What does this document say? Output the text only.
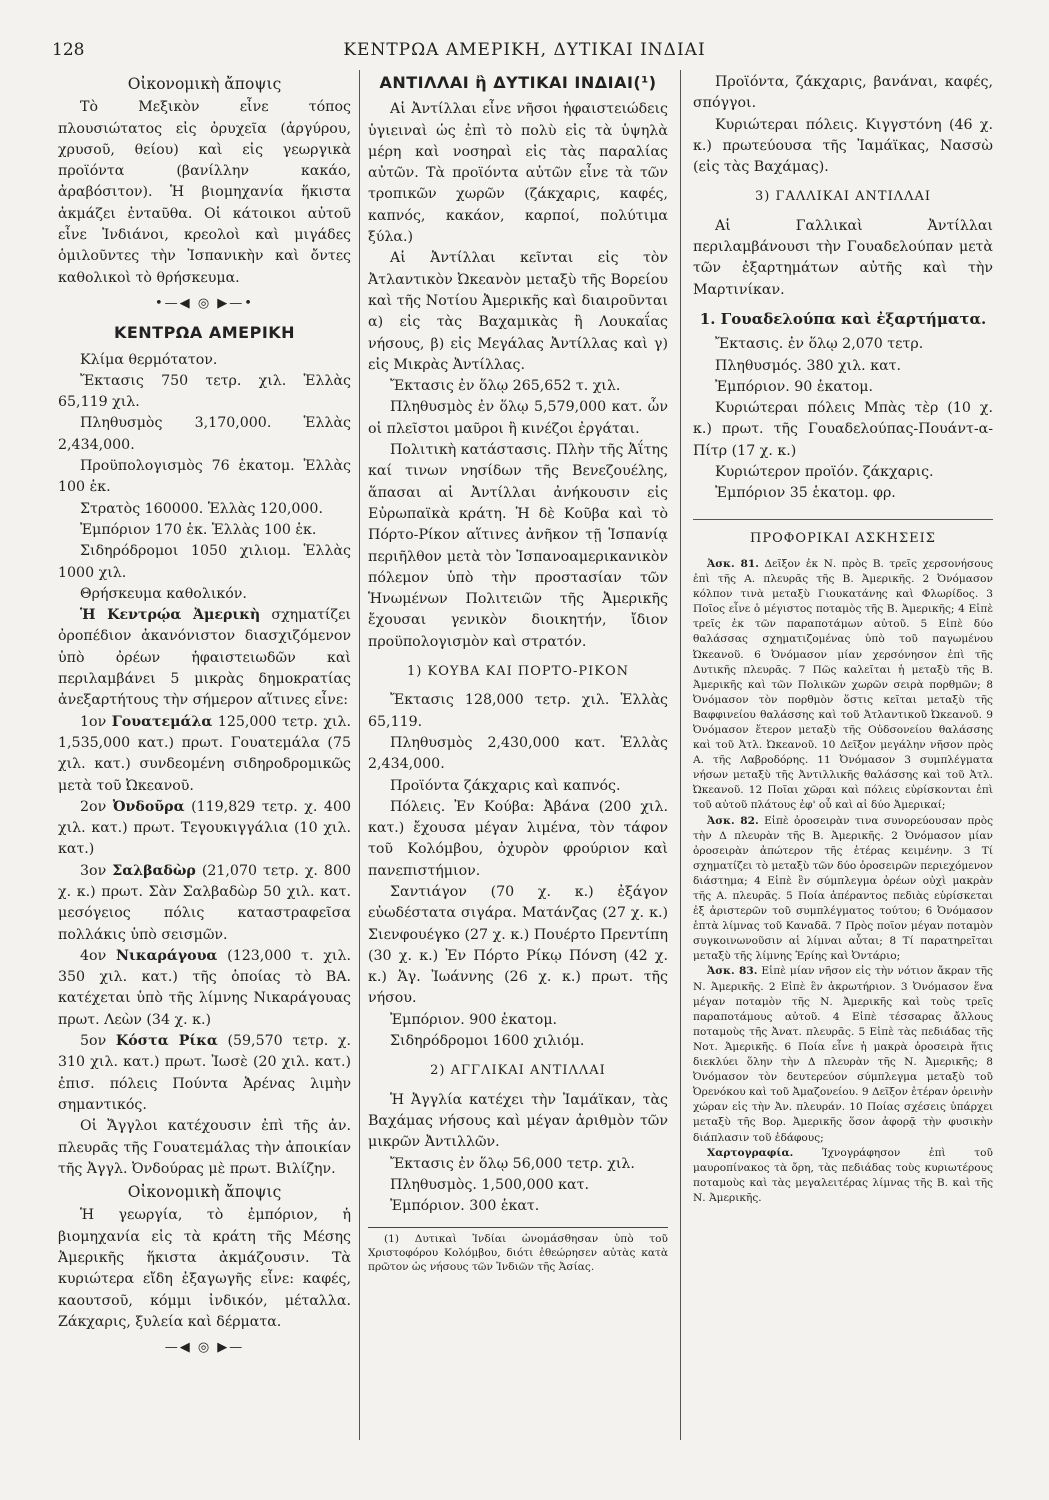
128	ΚΕΝΤΡΩΑ ΑΜΕΡΙΚΗ, ΔΥΤΙΚΑΙ ΙΝΔΙΑΙ

Οἰκονομικὴ ἄποψις

Τὸ Μεξικὸν εἶνε τόπος πλουσιώτατος εἰς ὀρυχεῖα (ἀργύρου, χρυσοῦ, θείου) καὶ εἰς γεωργικὰ προϊόντα (βανίλλην κακάο, ἀραβόσιτον). Ἡ βιομηχανία ἥκιστα ἀκμάζει ἐνταῦθα. Οἱ κάτοικοι αὐτοῦ εἶνε Ἰνδιάνοι, κρεολοὶ καὶ μιγάδες ὁμιλοῦντες τὴν Ἰσπανικὴν καὶ ὄντες καθολικοὶ τὸ θρήσκευμα.

•—◀ ◎ ▶—•

ΚΕΝΤΡΩΑ ΑΜΕΡΙΚΗ

Κλίμα θερμότατον.

Ἔκτασις 750 τετρ. χιλ. Ἑλλὰς 65,119 χιλ.

Πληθυσμὸς 3,170,000. Ἑλλὰς 2,434,000.

Προϋπολογισμὸς 76 ἑκατομ. Ἑλλὰς 100 ἑκ.

Στρατὸς 160000. Ἑλλὰς 120,000.

Ἐμπόριον 170 ἑκ. Ἑλλὰς 100 ἑκ.

Σιδηρόδρομοι 1050 χιλιομ. Ἑλλὰς 1000 χιλ.

Θρήσκευμα καθολικόν.

Ἡ Κεντρῴα Ἀμερικὴ σχηματίζει ὀροπέδιον ἀκανόνιστον διασχιζόμενον ὑπὸ ὀρέων ἡφαιστειωδῶν καὶ περιλαμβάνει 5 μικρὰς δημοκρατίας ἀνεξαρτήτους τὴν σήμερον αἵτινες εἶνε:

1ον Γουατεμάλα 125,000 τετρ. χιλ. 1,535,000 κατ.) πρωτ. Γουατεμάλα (75 χιλ. κατ.) συνδεομένη σιδηροδρομικῶς μετὰ τοῦ Ὠκεανοῦ.

2ον Ὀνδοῦρα (119,829 τετρ. χ. 400 χιλ. κατ.) πρωτ. Τεγουκιγγάλια (10 χιλ. κατ.)

3ον Σαλβαδὼρ (21,070 τετρ. χ. 800 χ. κ.) πρωτ. Σὰν Σαλβαδὼρ 50 χιλ. κατ. μεσόγειος πόλις καταστραφεῖσα πολλάκις ὑπὸ σεισμῶν.

4ον Νικαράγουα (123,000 τ. χιλ. 350 χιλ. κατ.) τῆς ὁποίας τὸ ΒΑ. κατέχεται ὑπὸ τῆς λίμνης Νικαράγουας πρωτ. Λεὼν (34 χ. κ.)

5ον Κόστα Ρίκα (59,570 τετρ. χ. 310 χιλ. κατ.) πρωτ. Ἰωσὲ (20 χιλ. κατ.) ἐπισ. πόλεις Πούντα Ἀρένας λιμὴν σημαντικός.

Οἱ Ἄγγλοι κατέχουσιν ἐπὶ τῆς ἀν. πλευρᾶς τῆς Γουατεμάλας τὴν ἀποικίαν τῆς Ἀγγλ. Ὀνδούρας μὲ πρωτ. Βιλίζην.

Οἰκονομικὴ ἄποψις

Ἡ γεωργία, τὸ ἐμπόριον, ἡ βιομηχανία εἰς τὰ κράτη τῆς Μέσης Ἀμερικῆς ἥκιστα ἀκμάζουσιν. Τὰ κυριώτερα εἴδη ἐξαγωγῆς εἶνε: καφές, καουτσοῦ, κόμμι ἰνδικόν, μέταλλα. Ζάκχαρις, ξυλεία καὶ δέρματα.

—◀ ◎ ▶—

ΑΝΤΙΛΛΑΙ ἢ ΔΥΤΙΚΑΙ ΙΝΔΙΑΙ(¹)

Αἱ Ἀντίλλαι εἶνε νῆσοι ἡφαιστειώδεις ὑγιειναὶ ὡς ἐπὶ τὸ πολὺ εἰς τὰ ὑψηλὰ μέρη καὶ νοσηραὶ εἰς τὰς παραλίας αὐτῶν. Τὰ προϊόντα αὐτῶν εἶνε τὰ τῶν τροπικῶν χωρῶν (ζάκχαρις, καφές, καπνός, κακάον, καρποί, πολύτιμα ξύλα.)

Αἱ Ἀντίλλαι κεῖνται εἰς τὸν Ἀτλαντικὸν Ὠκεανὸν μεταξὺ τῆς Βορείου καὶ τῆς Νοτίου Ἀμερικῆς καὶ διαιροῦνται α) εἰς τὰς Βαχαμικὰς ἢ Λουκαΐας νήσους, β) εἰς Μεγάλας Ἀντίλλας καὶ γ) εἰς Μικρὰς Ἀντίλλας.

Ἔκτασις ἐν ὅλῳ 265,652 τ. χιλ.

Πληθυσμὸς ἐν ὅλῳ 5,579,000 κατ. ὧν οἱ πλεῖστοι μαῦροι ἢ κινέζοι ἐργάται.

Πολιτικὴ κατάστασις. Πλὴν τῆς Ἀΐτης καί τινων νησίδων τῆς Βενεζουέλης, ἅπασαι αἱ Ἀντίλλαι ἀνήκουσιν εἰς Εὐρωπαϊκὰ κράτη. Ἡ δὲ Κοῦβα καὶ τὸ Πόρτο-Ρίκον αἵτινες ἀνῆκον τῇ Ἱσπανίᾳ περιῆλθον μετὰ τὸν Ἱσπανοαμερικανικὸν πόλεμον ὑπὸ τὴν προστασίαν τῶν Ἡνωμένων Πολιτειῶν τῆς Ἀμερικῆς ἔχουσαι γενικὸν διοικητήν, ἴδιον προϋπολογισμὸν καὶ στρατόν.

1) ΚΟΥΒΑ ΚΑΙ ΠΟΡΤΟ-ΡΙΚΟΝ

Ἔκτασις 128,000 τετρ. χιλ. Ἑλλὰς 65,119.

Πληθυσμὸς 2,430,000 κατ. Ἑλλὰς 2,434,000.

Προϊόντα ζάκχαρις καὶ καπνός.

Πόλεις. Ἐν Κούβα: Ἀβάνα (200 χιλ. κατ.) ἔχουσα μέγαν λιμένα, τὸν τάφον τοῦ Κολόμβου, ὀχυρὸν φρούριον καὶ πανεπιστήμιον.

Σαντιάγον (70 χ. κ.) ἐξάγον εὐωδέστατα σιγάρα. Ματάνζας (27 χ. κ.) Σιενφουέγκο (27 χ. κ.) Πουέρτο Πρεντίπη (30 χ. κ.) Ἐν Πόρτο Ρίκῳ Πόνση (42 χ. κ.) Ἁγ. Ἰωάννης (26 χ. κ.) πρωτ. τῆς νήσου.

Ἐμπόριον. 900 ἑκατομ.

Σιδηρόδρομοι 1600 χιλιόμ.

2) ΑΓΓΛΙΚΑΙ ΑΝΤΙΛΛΑΙ

Ἡ Ἀγγλία κατέχει τὴν Ἰαμάϊκαν, τὰς Βαχάμας νήσους καὶ μέγαν ἀριθμὸν τῶν μικρῶν Ἀντιλλῶν.

Ἔκτασις ἐν ὅλῳ 56,000 τετρ. χιλ.

Πληθυσμὸς. 1,500,000 κατ.

Ἐμπόριον. 300 ἑκατ.

(1) Δυτικαὶ Ἰνδίαι ὠνομάσθησαν ὑπὸ τοῦ Χριστοφόρου Κολόμβου, διότι ἐθεώρησεν αὐτὰς κατὰ πρῶτον ὡς νήσους τῶν Ἰνδιῶν τῆς Ἀσίας.

Προϊόντα, ζάκχαρις, βανάναι, καφές, σπόγγοι.

Κυριώτεραι πόλεις. Κιγγστόνη (46 χ. κ.) πρωτεύουσα τῆς Ἰαμάϊκας, Νασσὼ (εἰς τὰς Βαχάμας).

3) ΓΑΛΛΙΚΑΙ ΑΝΤΙΛΛΑΙ

Αἱ Γαλλικαὶ Ἀντίλλαι περιλαμβάνουσι τὴν Γουαδελούπαν μετὰ τῶν ἐξαρτημάτων αὐτῆς καὶ τὴν Μαρτινίκαν.

1. Γουαδελούπα καὶ ἐξαρτήματα.

Ἔκτασις. ἐν ὅλῳ 2,070 τετρ.

Πληθυσμός. 380 χιλ. κατ.

Ἐμπόριον. 90 ἑκατομ.

Κυριώτεραι πόλεις Μπὰς τὲρ (10 χ. κ.) πρωτ. τῆς Γουαδελούπας-Πουάντ-α-Πίτρ (17 χ. κ.)

Κυριώτερον προϊόν. ζάκχαρις.

Ἐμπόριον 35 ἑκατομ. φρ.

ΠΡΟΦΟΡΙΚΑΙ ΑΣΚΗΣΕΙΣ

Ἀσκ. 81. Δεῖξον ἐκ Ν. πρὸς Β. τρεῖς χερσονήσους ἐπὶ τῆς Α. πλευρᾶς τῆς Β. Ἀμερικῆς. 2 Ὀνόμασον κόλπον τινὰ μεταξὺ Γιουκατάνης καὶ Φλωρίδος. 3 Ποῖος εἶνε ὁ μέγιστος ποταμὸς τῆς Β. Ἀμερικῆς; 4 Εἰπὲ τρεῖς ἐκ τῶν παραποτάμων αὐτοῦ. 5 Εἰπὲ δύο θαλάσσας σχηματιζομένας ὑπὸ τοῦ παγωμένου Ὠκεανοῦ. 6 Ὀνόμασον μίαν χερσόνησον ἐπὶ τῆς Δυτικῆς πλευρᾶς. 7 Πῶς καλεῖται ἡ μεταξὺ τῆς Β. Ἀμερικῆς καὶ τῶν Πολικῶν χωρῶν σειρὰ πορθμῶν; 8 Ὀνόμασον τὸν πορθμὸν ὅστις κεῖται μεταξὺ τῆς Βαφφινείου θαλάσσης καὶ τοῦ Ἀτλαντικοῦ Ὠκεανοῦ. 9 Ὀνόμασον ἕτερον μεταξὺ τῆς Οὐδσονείου θαλάσσης καὶ τοῦ Ἀτλ. Ὠκεανοῦ. 10 Δεῖξον μεγάλην νῆσον πρὸς Α. τῆς Λαβροδόρης. 11 Ὀνόμασον 3 συμπλέγματα νήσων μεταξὺ τῆς Ἀντιλλικῆς θαλάσσης καὶ τοῦ Ἀτλ. Ὠκεανοῦ. 12 Ποῖαι χῶραι καὶ πόλεις εὑρίσκονται ἐπὶ τοῦ αὐτοῦ πλάτους ἐφ' οὗ καὶ αἱ δύο Ἀμερικαί;

Ἀσκ. 82. Εἰπὲ ὀροσειρὰν τινα συνορεύουσαν πρὸς τὴν Δ πλευρὰν τῆς Β. Ἀμερικῆς. 2 Ὀνόμασον μίαν ὀροσειρὰν ἀπώτερον τῆς ἑτέρας κειμένην. 3 Τί σχηματίζει τὸ μεταξὺ τῶν δύο ὀροσειρῶν περιεχόμενον διάστημα; 4 Εἰπὲ ἓν σύμπλεγμα ὀρέων οὐχὶ μακρὰν τῆς Α. πλευρᾶς. 5 Ποία ἀπέραντος πεδιὰς εὑρίσκεται ἐξ ἀριστερῶν τοῦ συμπλέγματος τούτου; 6 Ὀνόμασον ἑπτὰ λίμνας τοῦ Καναδᾶ. 7 Πρὸς ποῖον μέγαν ποταμὸν συγκοινωνοῦσιν αἱ λίμναι αὗται; 8 Τί παρατηρεῖται μεταξὺ τῆς λίμνης Ἐρίης καὶ Ὀντάριο;

Ἀσκ. 83. Εἰπὲ μίαν νῆσον εἰς τὴν νότιον ἄκραν τῆς Ν. Ἀμερικῆς. 2 Εἰπὲ ἓν ἀκρωτήριον. 3 Ὀνόμασον ἕνα μέγαν ποταμὸν τῆς Ν. Ἀμερικῆς καὶ τοὺς τρεῖς παραποτάμους αὐτοῦ. 4 Εἰπὲ τέσσαρας ἄλλους ποταμοὺς τῆς Ἀνατ. πλευρᾶς. 5 Εἰπὲ τὰς πεδιάδας τῆς Νοτ. Ἀμερικῆς. 6 Ποία εἶνε ἡ μακρὰ ὀροσειρὰ ἥτις διεκλύει ὅλην τὴν Δ πλευρὰν τῆς Ν. Ἀμερικῆς; 8 Ὀνόμασον τὸν δευτερεύον σύμπλεγμα μεταξὺ τοῦ Ὀρενόκου καὶ τοῦ Ἀμαζονείου. 9 Δεῖξον ἑτέραν ὀρεινὴν χώραν εἰς τὴν Ἀν. πλευράν. 10 Ποίας σχέσεις ὑπάρχει μεταξὺ τῆς Βορ. Ἀμερικῆς ὅσον ἀφορᾷ τὴν φυσικὴν διάπλασιν τοῦ ἐδάφους;

Χαρτογραφία. Ἰχνογράφησον ἐπὶ τοῦ μαυροπίνακος τὰ ὄρη, τὰς πεδιάδας τοὺς κυριωτέρους ποταμοὺς καὶ τὰς μεγαλειτέρας λίμνας τῆς Β. καὶ τῆς Ν. Ἀμερικῆς.
